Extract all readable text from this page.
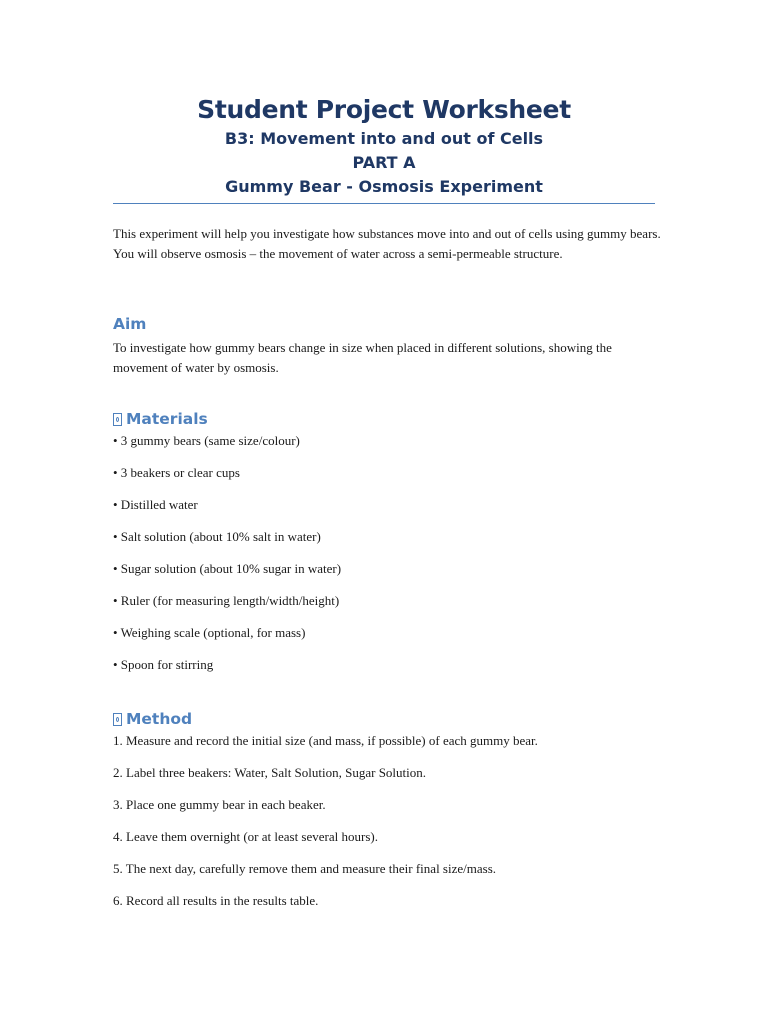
Student Project Worksheet
B3: Movement into and out of Cells
PART A
Gummy Bear - Osmosis Experiment
This experiment will help you investigate how substances move into and out of cells using gummy bears. You will observe osmosis – the movement of water across a semi-permeable structure.
Aim
To investigate how gummy bears change in size when placed in different solutions, showing the movement of water by osmosis.
Materials
• 3 gummy bears (same size/colour)
• 3 beakers or clear cups
• Distilled water
• Salt solution (about 10% salt in water)
• Sugar solution (about 10% sugar in water)
• Ruler (for measuring length/width/height)
• Weighing scale (optional, for mass)
• Spoon for stirring
Method
1. Measure and record the initial size (and mass, if possible) of each gummy bear.
2. Label three beakers: Water, Salt Solution, Sugar Solution.
3. Place one gummy bear in each beaker.
4. Leave them overnight (or at least several hours).
5. The next day, carefully remove them and measure their final size/mass.
6. Record all results in the results table.
